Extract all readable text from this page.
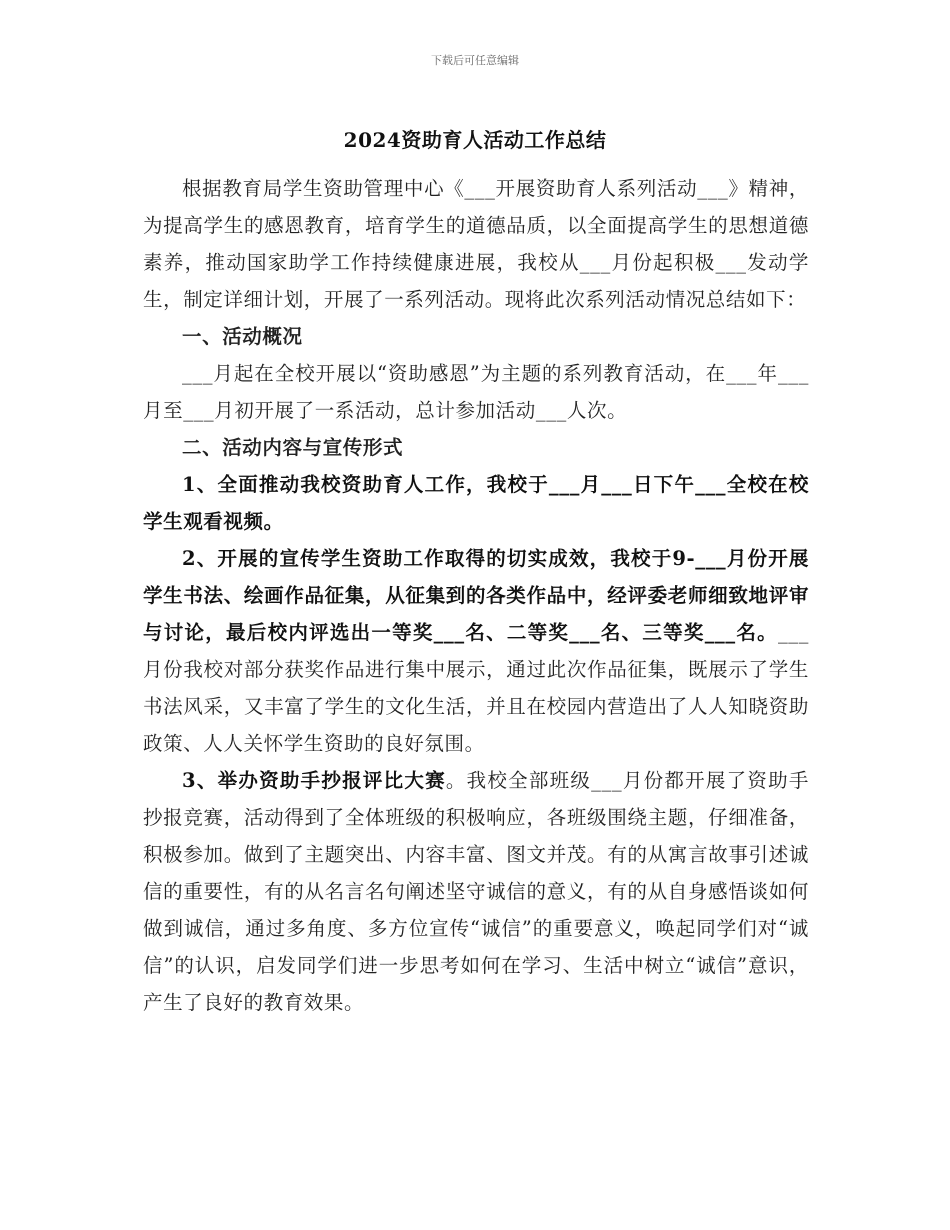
下载后可任意编辑
2024资助育人活动工作总结

根据教育局学生资助管理中心《___开展资助育人系列活动___》精神，为提高学生的感恩教育，培育学生的道德品质，以全面提高学生的思想道德素养，推动国家助学工作持续健康进展，我校从___月份起积极___发动学生，制定详细计划，开展了一系列活动。现将此次系列活动情况总结如下：

一、活动概况

___月起在全校开展以“资助感恩”为主题的系列教育活动，在___年___月至___月初开展了一系活动，总计参加活动___人次。

二、活动内容与宣传形式

1、全面推动我校资助育人工作，我校于___月___日下午___全校在校学生观看视频。

2、开展的宣传学生资助工作取得的切实成效，我校于9-___月份开展学生书法、绘画作品征集，从征集到的各类作品中，经评委老师细致地评审与讨论，最后校内评选出一等奖___名、二等奖___名、三等奖___名。___月份我校对部分获奖作品进行集中展示，通过此次作品征集，既展示了学生书法风采，又丰富了学生的文化生活，并且在校园内营造出了人人知晓资助政策、人人关怀学生资助的良好氛围。

3、举办资助手抄报评比大赛。我校全部班级___月份都开展了资助手抄报竞赛，活动得到了全体班级的积极响应，各班级围绕主题，仔细准备，积极参加。做到了主题突出、内容丰富、图文并茂。有的从寓言故事引述诚信的重要性，有的从名言名句阐述坚守诚信的意义，有的从自身感悟谈如何做到诚信，通过多角度、多方位宣传“诚信”的重要意义，唤起同学们对“诚信”的认识，启发同学们进一步思考如何在学习、生活中树立“诚信”意识，产生了良好的教育效果。
